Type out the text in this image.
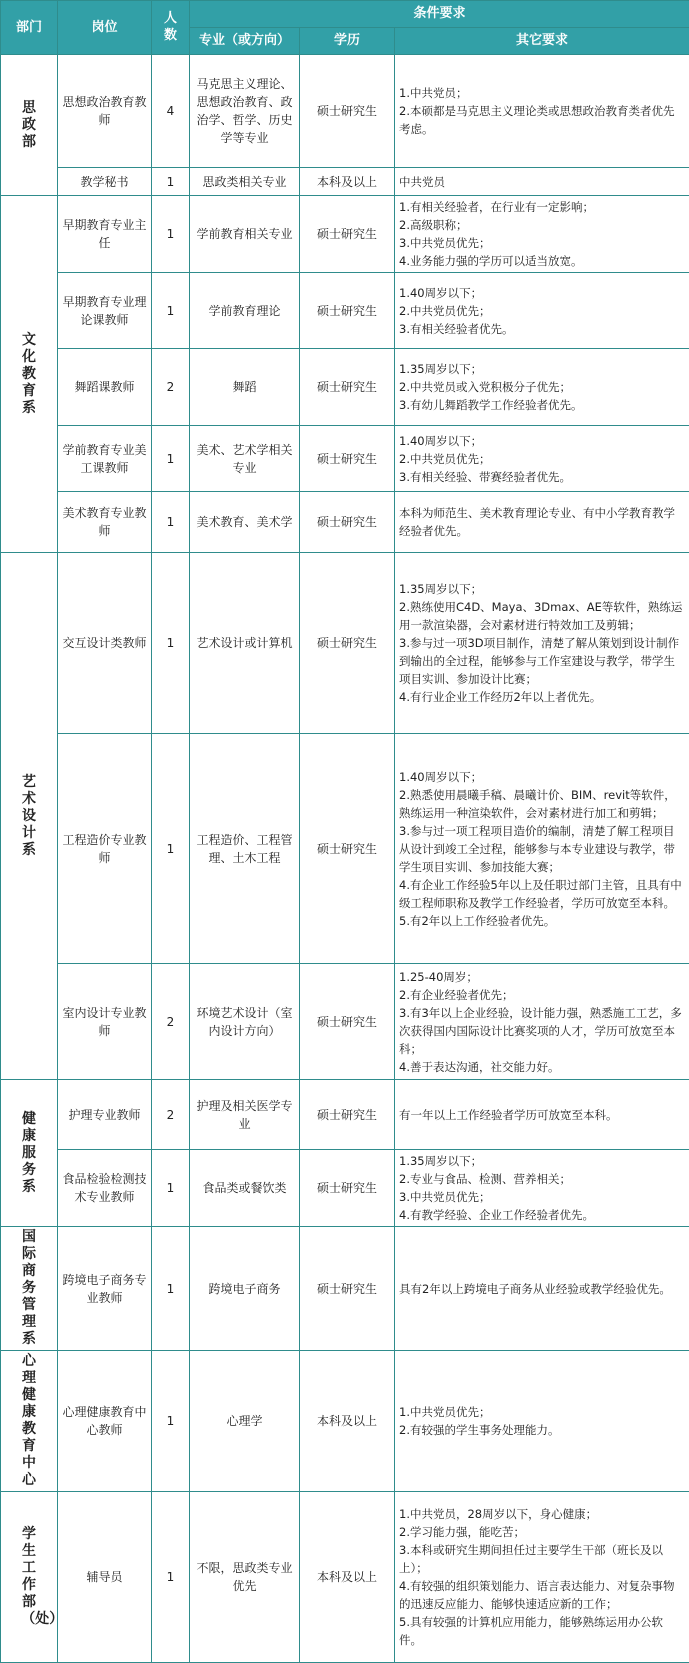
部门	岗位	人数	条件要求		
			专业（或方向）	学历	其它要求
思政部	思想政治教育教师	4	马克思主义理论、思想政治教育、政治学、哲学、历史学等专业	硕士研究生	1.中共党员；
2.本硕都是马克思主义理论类或思想政治教育类者优先考虑。

	教学秘书	1	思政类相关专业	本科及以上	中共党员

文化教育系	早期教育专业主任	1	学前教育相关专业	硕士研究生	1.有相关经验者，在行业有一定影响；
2.高级职称；
3.中共党员优先；
4.业务能力强的学历可以适当放宽。

	早期教育专业理论课教师	1	学前教育理论	硕士研究生	1.40周岁以下；
2.中共党员优先；
3.有相关经验者优先。

	舞蹈课教师	2	舞蹈	硕士研究生	1.35周岁以下；
2.中共党员或入党积极分子优先；
3.有幼儿舞蹈教学工作经验者优先。

	学前教育专业美工课教师	1	美术、艺术学相关专业	硕士研究生	1.40周岁以下；
2.中共党员优先；
3.有相关经验、带赛经验者优先。

	美术教育专业教师	1	美术教育、美术学	硕士研究生	本科为师范生、美术教育理论专业、有中小学教育教学经验者优先。

艺术设计系	交互设计类教师	1	艺术设计或计算机	硕士研究生	1.35周岁以下；
2.熟练使用C4D、Maya、3Dmax、AE等软件，熟练运用一款渲染器，会对素材进行特效加工及剪辑；
3.参与过一项3D项目制作，清楚了解从策划到设计制作到输出的全过程，能够参与工作室建设与教学，带学生项目实训、参加设计比赛；
4.有行业企业工作经历2年以上者优先。

	工程造价专业教师	1	工程造价、工程管理、土木工程	硕士研究生	1.40周岁以下；
2.熟悉使用晨曦手稿、晨曦计价、BIM、revit等软件，熟练运用一种渲染软件，会对素材进行加工和剪辑；
3.参与过一项工程项目造价的编制，清楚了解工程项目从设计到竣工全过程，能够参与本专业建设与教学，带学生项目实训、参加技能大赛；
4.有企业工作经验5年以上及任职过部门主管，且具有中级工程师职称及教学工作经验者，学历可放宽至本科。
5.有2年以上工作经验者优先。

	室内设计专业教师	2	环境艺术设计（室内设计方向）	硕士研究生	1.25-40周岁；
2.有企业经验者优先；
3.有3年以上企业经验，设计能力强，熟悉施工工艺，多次获得国内国际设计比赛奖项的人才，学历可放宽至本科；
4.善于表达沟通，社交能力好。

健康服务系	护理专业教师	2	护理及相关医学专业	硕士研究生	有一年以上工作经验者学历可放宽至本科。

	食品检验检测技术专业教师	1	食品类或餐饮类	硕士研究生	1.35周岁以下；
2.专业与食品、检测、营养相关；
3.中共党员优先；
4.有教学经验、企业工作经验者优先。

国际商务管理系	跨境电子商务专业教师	1	跨境电子商务	硕士研究生	具有2年以上跨境电子商务从业经验或教学经验优先。

心理健康教育中心	心理健康教育中心教师	1	心理学	本科及以上	1.中共党员优先；
2.有较强的学生事务处理能力。

学生工作部（处）	辅导员	1	不限，思政类专业优先	本科及以上	1.中共党员，28周岁以下，身心健康；
2.学习能力强，能吃苦；
3.本科或研究生期间担任过主要学生干部（班长及以上）；
4.有较强的组织策划能力、语言表达能力、对复杂事物的迅速反应能力、能够快速适应新的工作；
5.具有较强的计算机应用能力，能够熟练运用办公软件。
